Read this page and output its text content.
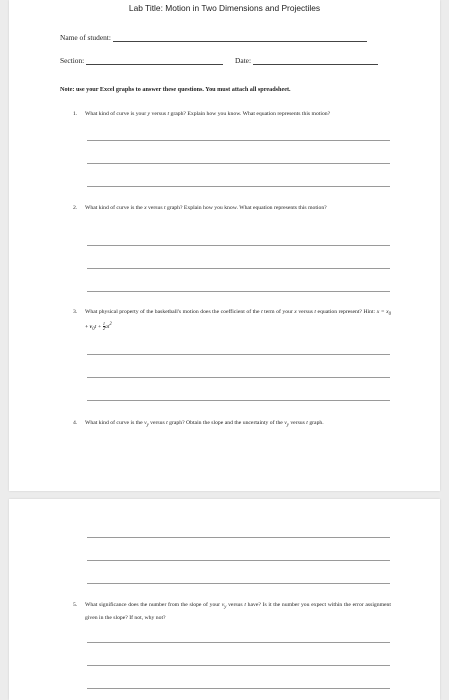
Lab Title: Motion in Two Dimensions and Projectiles
Name of student:
Section:	Date:
Note: use your Excel graphs to answer these questions. You must attach all spreadsheet.
1. What kind of curve is your y versus t graph? Explain how you know. What equation represents this motion?
2. What kind of curve is the x versus t graph? Explain how you know. What equation represents this motion?
3. What physical property of the basketball's motion does the coefficient of the t term of your x versus t equation represent? Hint: $x = x_0 + v_0t + \frac{1}{2} at^2$
4. What kind of curve is the $v_y$ versus t graph? Obtain the slope and the uncertainty of the $v_y$ versus t graph.
5. What significance does the number from the slope of your $v_y$ versus t have? Is it the number you expect within the error assignment given in the slope? If not, why not?
